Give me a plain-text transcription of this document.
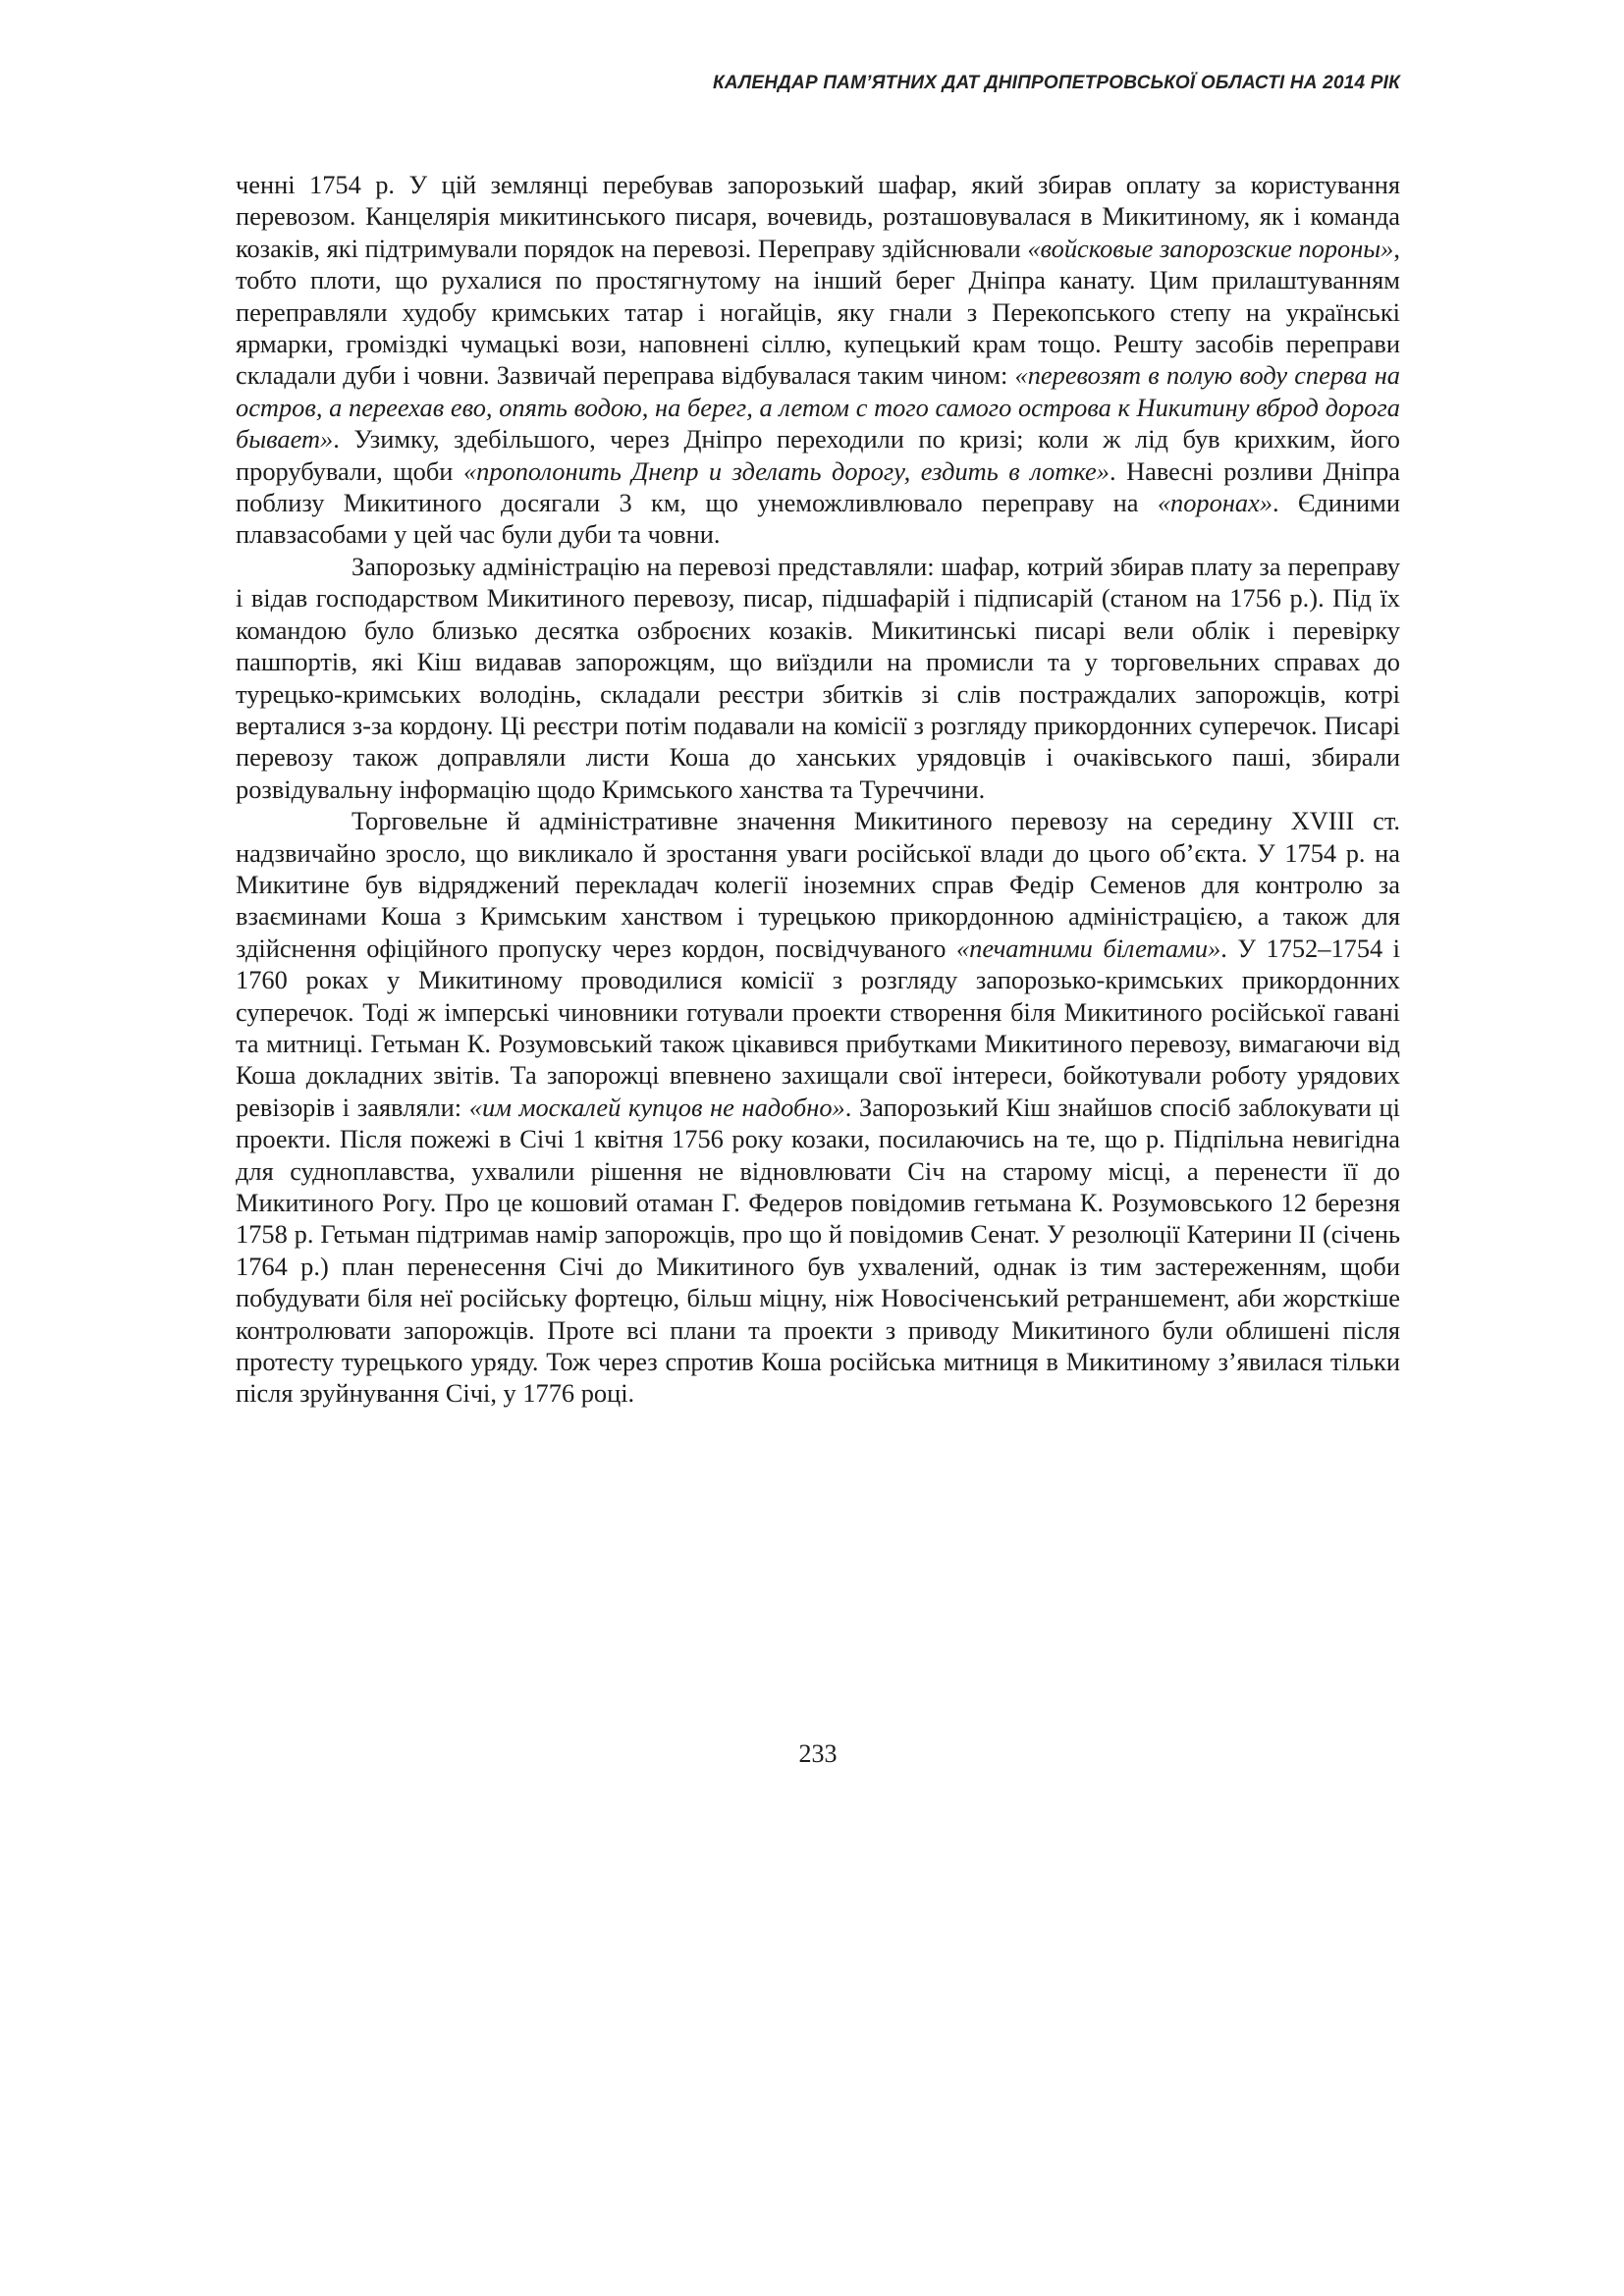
КАЛЕНДАР ПАМ’ЯТНИХ ДАТ ДНІПРОПЕТРОВСЬКОЇ ОБЛАСТІ НА 2014 РІК

ченні 1754 р. У цій землянці перебував запорозький шафар, який збирав оплату за користування перевозом. Канцелярія микитинського писаря, вочевидь, розташовувалася в Микитиному, як і команда козаків, які підтримували порядок на перевозі. Переправу здійснювали «войсковые запорозские пороны», тобто плоти, що рухалися по простягнутому на інший берег Дніпра канату. Цим прилаштуванням переправляли худобу кримських татар і ногайців, яку гнали з Перекопського степу на українські ярмарки, громіздкі чумацькі вози, наповнені сіллю, купецький крам тощо. Решту засобів переправи складали дуби і човни. Зазвичай переправа відбувалася таким чином: «перевозят в полую воду сперва на остров, а переехав ево, опять водою, на берег, а летом с того самого острова к Никитину вброд дорога бывает». Узимку, здебільшого, через Дніпро переходили по кризі; коли ж лід був крихким, його прорубували, щоби «прополонить Днепр и зделать дорогу, ездить в лотке». Навесні розливи Дніпра поблизу Микитиного досягали 3 км, що унеможливлювало переправу на «поронах». Єдиними плавзасобами у цей час були дуби та човни.

Запорозьку адміністрацію на перевозі представляли: шафар, котрий збирав плату за переправу і відав господарством Микитиного перевозу, писар, підшафарій і підписарій (станом на 1756 р.). Під їх командою було близько десятка озброєних козаків. Микитинські писарі вели облік і перевірку пашпортів, які Кіш видавав запорожцям, що виїздили на промисли та у торговельних справах до турецько-кримських володінь, складали реєстри збитків зі слів постраждалих запорожців, котрі верталися з-за кордону. Ці реєстри потім подавали на комісії з розгляду прикордонних суперечок. Писарі перевозу також доправляли листи Коша до ханських урядовців і очаківського паші, збирали розвідувальну інформацію щодо Кримського ханства та Туреччини.

Торговельне й адміністративне значення Микитиного перевозу на середину XVIII ст. надзвичайно зросло, що викликало й зростання уваги російської влади до цього об’єкта. У 1754 р. на Микитине був відряджений перекладач колегії іноземних справ Федір Семенов для контролю за взаєминами Коша з Кримським ханством і турецькою прикордонною адміністрацією, а також для здійснення офіційного пропуску через кордон, посвідчуваного «печатними білетами». У 1752–1754 і 1760 роках у Микитиному проводилися комісії з розгляду запорозько-кримських прикордонних суперечок. Тоді ж імперські чиновники готували проекти створення біля Микитиного російської гавані та митниці. Гетьман К. Розумовський також цікавився прибутками Микитиного перевозу, вимагаючи від Коша докладних звітів. Та запорожці впевнено захищали свої інтереси, бойкотували роботу урядових ревізорів і заявляли: «им москалей купцов не надобно». Запорозький Кіш знайшов спосіб заблокувати ці проекти. Після пожежі в Січі 1 квітня 1756 року козаки, посилаючись на те, що р. Підпільна невигідна для судноплавства, ухвалили рішення не відновлювати Січ на старому місці, а перенести її до Микитиного Рогу. Про це кошовий отаман Г. Федеров повідомив гетьмана К. Розумовського 12 березня 1758 р. Гетьман підтримав намір запорожців, про що й повідомив Сенат. У резолюції Катерини II (січень 1764 р.) план перенесення Січі до Микитиного був ухвалений, однак із тим застереженням, щоби побудувати біля неї російську фортецю, більш міцну, ніж Новосіченський ретраншемент, аби жорсткіше контролювати запорожців. Проте всі плани та проекти з приводу Микитиного були облишені після протесту турецького уряду. Тож через спротив Коша російська митниця в Микитиному з’явилася тільки після зруйнування Січі, у 1776 році.

233
